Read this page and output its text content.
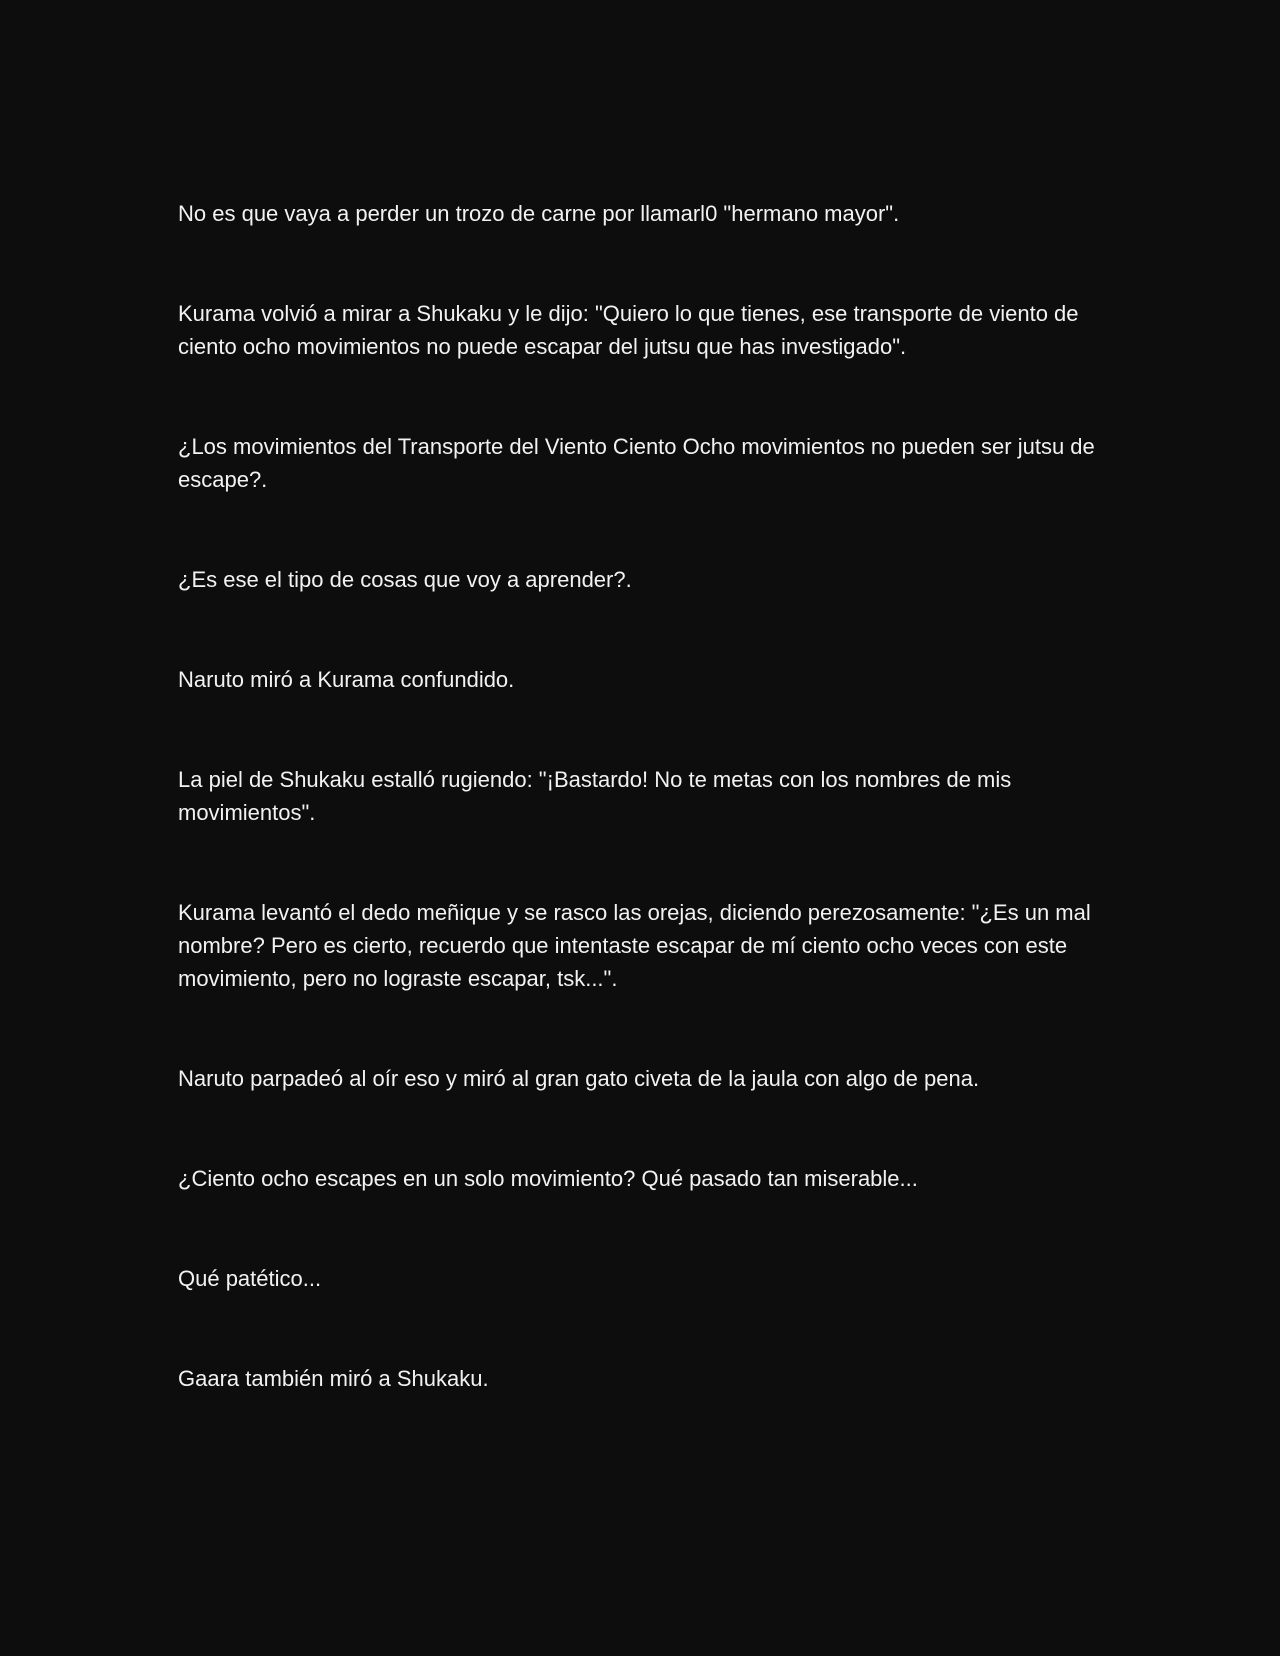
No es que vaya a perder un trozo de carne por llamarl0 "hermano mayor".

Kurama volvió a mirar a Shukaku y le dijo: "Quiero lo que tienes, ese transporte de viento de ciento ocho movimientos no puede escapar del jutsu que has investigado".

¿Los movimientos del Transporte del Viento Ciento Ocho movimientos no pueden ser jutsu de escape?.

¿Es ese el tipo de cosas que voy a aprender?.

Naruto miró a Kurama confundido.

La piel de Shukaku estalló rugiendo: "¡Bastardo! No te metas con los nombres de mis movimientos".

Kurama levantó el dedo meñique y se rasco las orejas, diciendo perezosamente: "¿Es un mal nombre? Pero es cierto, recuerdo que intentaste escapar de mí ciento ocho veces con este movimiento, pero no lograste escapar, tsk...".

Naruto parpadeó al oír eso y miró al gran gato civeta de la jaula con algo de pena.

¿Ciento ocho escapes en un solo movimiento? Qué pasado tan miserable...

Qué patético...

Gaara también miró a Shukaku.
